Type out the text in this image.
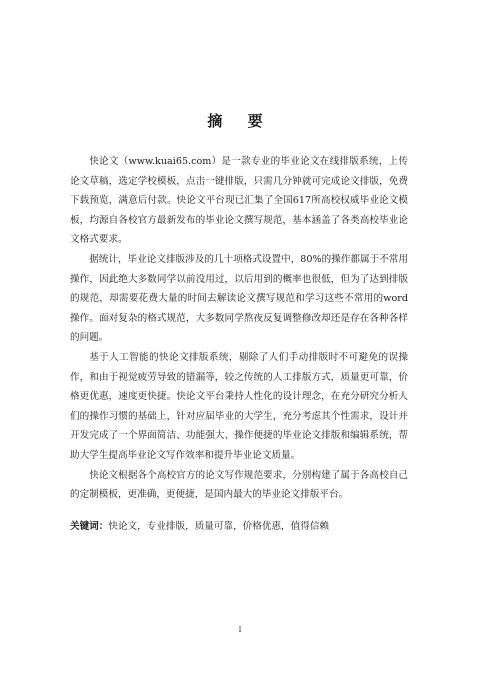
摘 要

快论文（www.kuai65.com）是一款专业的毕业论文在线排版系统，上传论文草稿，选定学校模板，点击一键排版，只需几分钟就可完成论文排版，免费下载预览，满意后付款。快论文平台现已汇集了全国617所高校权威毕业论文模板，均源自各校官方最新发布的毕业论文撰写规范，基本涵盖了各类高校毕业论文格式要求。

据统计，毕业论文排版涉及的几十项格式设置中，80%的操作都属于不常用操作，因此绝大多数同学以前没用过，以后用到的概率也很低，但为了达到排版的规范，却需要花费大量的时间去解读论文撰写规范和学习这些不常用的word操作。面对复杂的格式规范，大多数同学熬夜反复调整修改却还是存在各种各样的问题。

基于人工智能的快论文排版系统，剔除了人们手动排版时不可避免的误操作，和由于视觉疲劳导致的错漏等，较之传统的人工排版方式，质量更可靠，价格更优惠，速度更快捷。快论文平台秉持人性化的设计理念，在充分研究分析人们的操作习惯的基础上，针对应届毕业的大学生，充分考虑其个性需求，设计并开发完成了一个界面简洁、功能强大、操作便捷的毕业论文排版和编辑系统，帮助大学生提高毕业论文写作效率和提升毕业论文质量。

快论文根据各个高校官方的论文写作规范要求，分别构建了属于各高校自己的定制模板，更准确，更便捷，是国内最大的毕业论文排版平台。

关键词：快论文，专业排版，质量可靠，价格优惠，值得信赖
I
